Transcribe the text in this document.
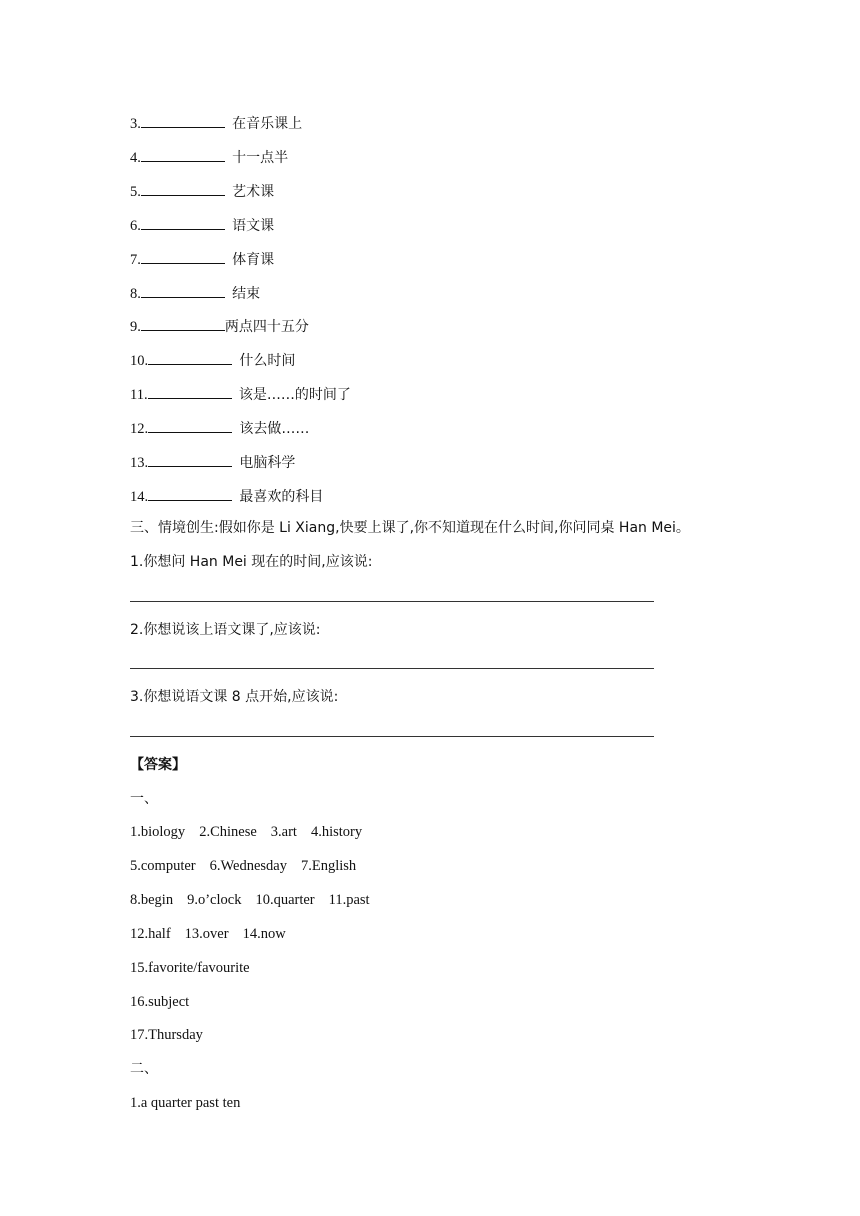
3.	在音乐课上
4.	十一点半
5.	艺术课
6.	语文课
7.	体育课
8.	结束
9.	两点四十五分
10.	什么时间
11.	该是……的时间了
12.	该去做……
13.	电脑科学
14.	最喜欢的科目
三、情境创生:假如你是 Li Xiang,快要上课了,你不知道现在什么时间,你问同桌 Han Mei。
1.你想问 Han Mei 现在的时间,应该说:
2.你想说该上语文课了,应该说:
3.你想说语文课 8 点开始,应该说:
【答案】
一、
1.biology 2.Chinese 3.art 4.history
5.computer 6.Wednesday 7.English
8.begin 9.o’clock 10.quarter 11.past
12.half 13.over 14.now
15.favorite/favourite
16.subject
17.Thursday
二、
1.a quarter past ten
